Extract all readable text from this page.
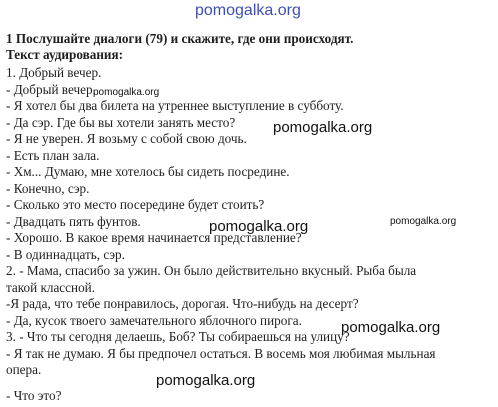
pomogalka.org
1 Послушайте диалоги (79) и скажите, где они происходят.
Текст аудирования:
1. Добрый вечер.
- Добрый вечер.
- Я хотел бы два билета на утреннее выступление в субботу.
- Да сэр. Где бы вы хотели занять место?
- Я не уверен. Я возьму с собой свою дочь.
- Есть план зала.
- Хм... Думаю, мне хотелось бы сидеть посредине.
- Конечно, сэр.
- Сколько это место посередине будет стоить?
- Двадцать пять фунтов.
- Хорошо. В какое время начинается представление?
- В одиннадцать, сэр.
2. - Мама, спасибо за ужин. Он было действительно вкусный. Рыба была
такой классной.
-Я рада, что тебе понравилось, дорогая. Что-нибудь на десерт?
- Да, кусок твоего замечательного яблочного пирога.
3. - Что ты сегодня делаешь, Боб? Ты собираешься на улицу?
- Я так не думаю. Я бы предпочел остаться. В восемь моя любимая мыльная
опера.
- Что это?
pomogalka.org
pomogalka.org
pomogalka.org	pomogalka.org
pomogalka.org
pomogalka.org
